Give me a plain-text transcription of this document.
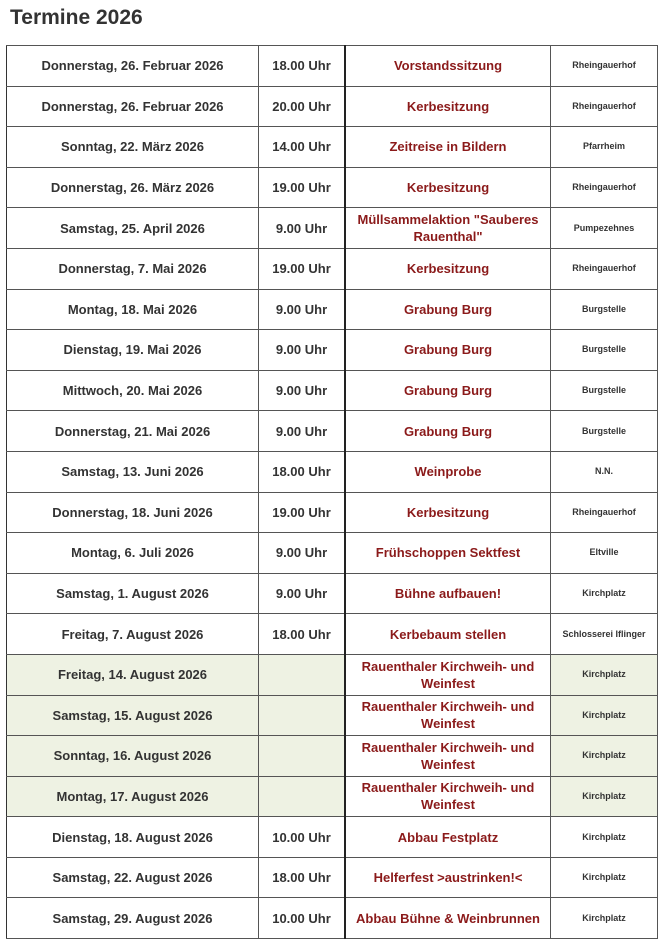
Termine 2026
Donnerstag, 26. Februar 2026	18.00 Uhr	Vorstandssitzung	Rheingauerhof
Donnerstag, 26. Februar 2026	20.00 Uhr	Kerbesitzung	Rheingauerhof
Sonntag, 22. März 2026	14.00 Uhr	Zeitreise in Bildern	Pfarrheim
Donnerstag, 26. März 2026	19.00 Uhr	Kerbesitzung	Rheingauerhof
Samstag, 25. April 2026	9.00 Uhr	Müllsammelaktion "Sauberes Rauenthal"	Pumpezehnes
Donnerstag, 7. Mai 2026	19.00 Uhr	Kerbesitzung	Rheingauerhof
Montag, 18. Mai 2026	9.00 Uhr	Grabung Burg	Burgstelle
Dienstag, 19. Mai 2026	9.00 Uhr	Grabung Burg	Burgstelle
Mittwoch, 20. Mai 2026	9.00 Uhr	Grabung Burg	Burgstelle
Donnerstag, 21. Mai 2026	9.00 Uhr	Grabung Burg	Burgstelle
Samstag, 13. Juni 2026	18.00 Uhr	Weinprobe	N.N.
Donnerstag, 18. Juni 2026	19.00 Uhr	Kerbesitzung	Rheingauerhof
Montag, 6. Juli 2026	9.00 Uhr	Frühschoppen Sektfest	Eltville
Samstag, 1. August 2026	9.00 Uhr	Bühne aufbauen!	Kirchplatz
Freitag, 7. August 2026	18.00 Uhr	Kerbebaum stellen	Schlosserei Iflinger
Freitag, 14. August 2026		Rauenthaler Kirchweih- und Weinfest	Kirchplatz
Samstag, 15. August 2026		Rauenthaler Kirchweih- und Weinfest	Kirchplatz
Sonntag, 16. August 2026		Rauenthaler Kirchweih- und Weinfest	Kirchplatz
Montag, 17. August 2026		Rauenthaler Kirchweih- und Weinfest	Kirchplatz
Dienstag, 18. August 2026	10.00 Uhr	Abbau Festplatz	Kirchplatz
Samstag, 22. August 2026	18.00 Uhr	Helferfest >austrinken!<	Kirchplatz
Samstag, 29. August 2026	10.00 Uhr	Abbau Bühne & Weinbrunnen	Kirchplatz
